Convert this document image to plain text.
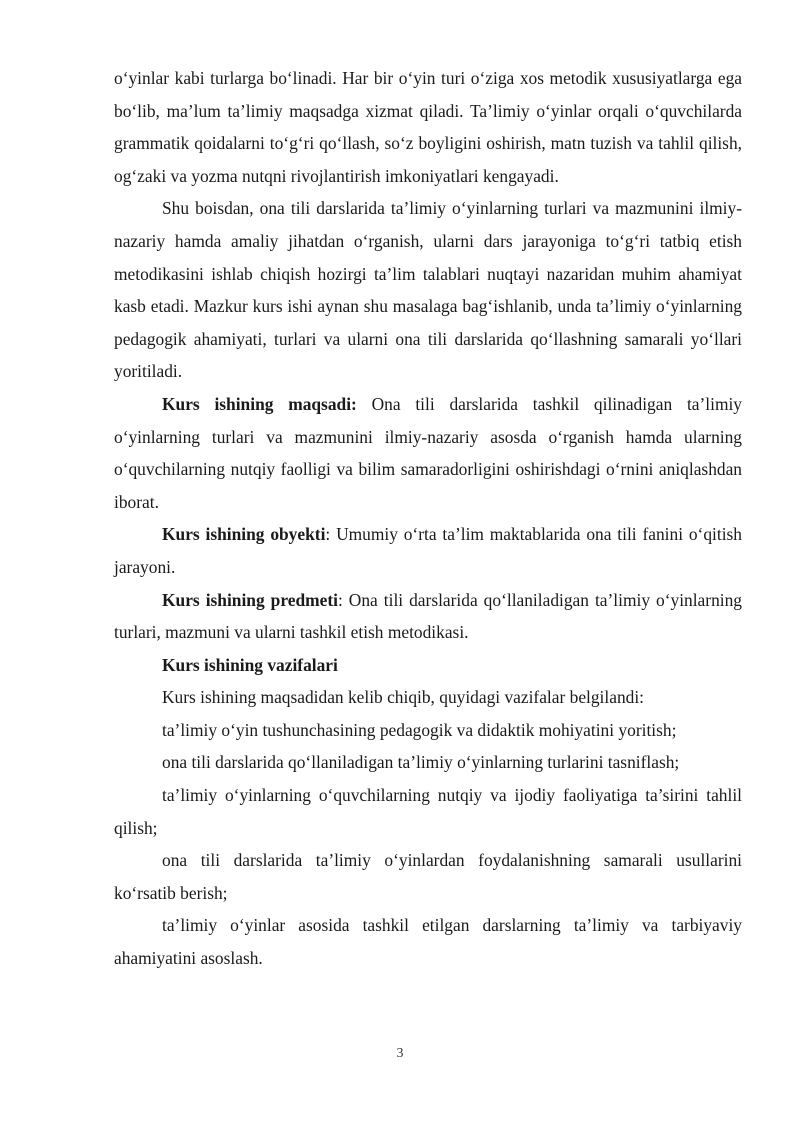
o‘yinlar kabi turlarga bo‘linadi. Har bir o‘yin turi o‘ziga xos metodik xususiyatlarga ega bo‘lib, ma’lum ta’limiy maqsadga xizmat qiladi. Ta’limiy o‘yinlar orqali o‘quvchilarda grammatik qoidalarni to‘g‘ri qo‘llash, so‘z boyligini oshirish, matn tuzish va tahlil qilish, og‘zaki va yozma nutqni rivojlantirish imkoniyatlari kengayadi.

Shu boisdan, ona tili darslarida ta’limiy o‘yinlarning turlari va mazmunini ilmiy-nazariy hamda amaliy jihatdan o‘rganish, ularni dars jarayoniga to‘g‘ri tatbiq etish metodikasini ishlab chiqish hozirgi ta’lim talablari nuqtayi nazaridan muhim ahamiyat kasb etadi. Mazkur kurs ishi aynan shu masalaga bag‘ishlanib, unda ta’limiy o‘yinlarning pedagogik ahamiyati, turlari va ularni ona tili darslarida qo‘llashning samarali yo‘llari yoritiladi.

Kurs ishining maqsadi: Ona tili darslarida tashkil qilinadigan ta’limiy o‘yinlarning turlari va mazmunini ilmiy-nazariy asosda o‘rganish hamda ularning o‘quvchilarning nutqiy faolligi va bilim samaradorligini oshirishdagi o‘rnini aniqlashdan iborat.

Kurs ishining obyekti: Umumiy o‘rta ta’lim maktablarida ona tili fanini o‘qitish jarayoni.

Kurs ishining predmeti: Ona tili darslarida qo‘llaniladigan ta’limiy o‘yinlarning turlari, mazmuni va ularni tashkil etish metodikasi.

Kurs ishining vazifalari

Kurs ishining maqsadidan kelib chiqib, quyidagi vazifalar belgilandi:

ta’limiy o‘yin tushunchasining pedagogik va didaktik mohiyatini yoritish;

ona tili darslarida qo‘llaniladigan ta’limiy o‘yinlarning turlarini tasniflash;

ta’limiy o‘yinlarning o‘quvchilarning nutqiy va ijodiy faoliyatiga ta’sirini tahlil qilish;

ona tili darslarida ta’limiy o‘yinlardan foydalanishning samarali usullarini ko‘rsatib berish;

ta’limiy o‘yinlar asosida tashkil etilgan darslarning ta’limiy va tarbiyaviy ahamiyatini asoslash.

3
